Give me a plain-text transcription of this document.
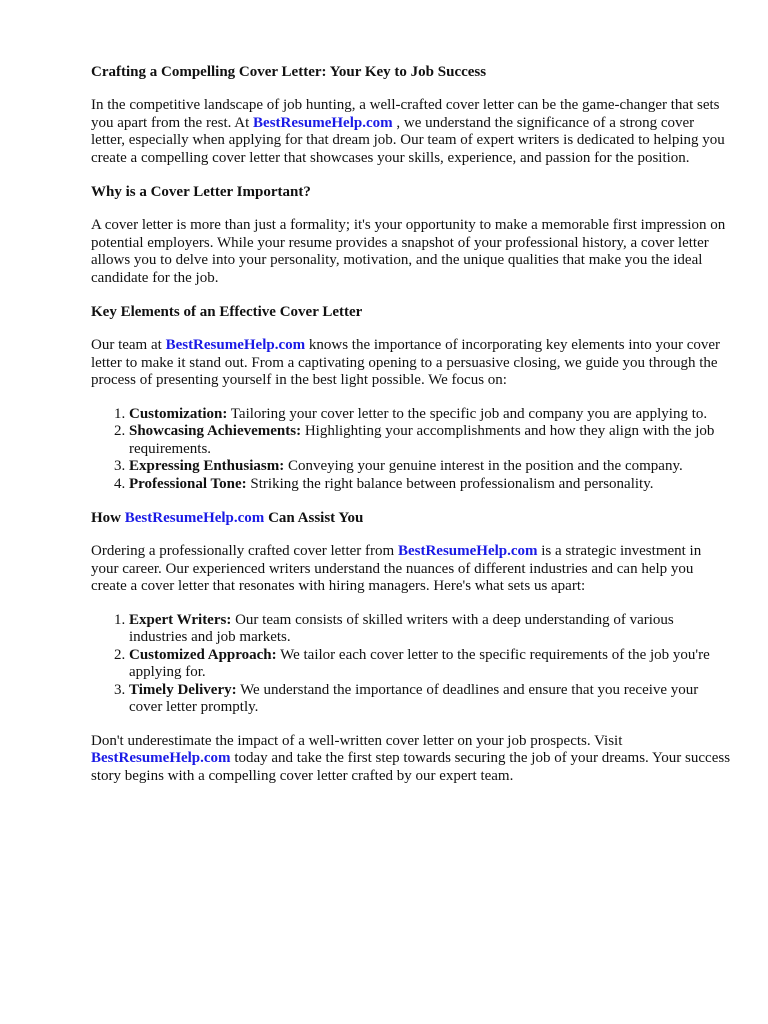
Crafting a Compelling Cover Letter: Your Key to Job Success

In the competitive landscape of job hunting, a well-crafted cover letter can be the game-changer that sets you apart from the rest. At BestResumeHelp.com , we understand the significance of a strong cover letter, especially when applying for that dream job. Our team of expert writers is dedicated to helping you create a compelling cover letter that showcases your skills, experience, and passion for the position.

Why is a Cover Letter Important?

A cover letter is more than just a formality; it's your opportunity to make a memorable first impression on potential employers. While your resume provides a snapshot of your professional history, a cover letter allows you to delve into your personality, motivation, and the unique qualities that make you the ideal candidate for the job.

Key Elements of an Effective Cover Letter

Our team at BestResumeHelp.com knows the importance of incorporating key elements into your cover letter to make it stand out. From a captivating opening to a persuasive closing, we guide you through the process of presenting yourself in the best light possible. We focus on:

1. Customization: Tailoring your cover letter to the specific job and company you are applying to.
2. Showcasing Achievements: Highlighting your accomplishments and how they align with the job requirements.
3. Expressing Enthusiasm: Conveying your genuine interest in the position and the company.
4. Professional Tone: Striking the right balance between professionalism and personality.
How BestResumeHelp.com Can Assist You

Ordering a professionally crafted cover letter from BestResumeHelp.com is a strategic investment in your career. Our experienced writers understand the nuances of different industries and can help you create a cover letter that resonates with hiring managers. Here's what sets us apart:

1. Expert Writers: Our team consists of skilled writers with a deep understanding of various industries and job markets.
2. Customized Approach: We tailor each cover letter to the specific requirements of the job you're applying for.
3. Timely Delivery: We understand the importance of deadlines and ensure that you receive your cover letter promptly.

Don't underestimate the impact of a well-written cover letter on your job prospects. Visit BestResumeHelp.com today and take the first step towards securing the job of your dreams. Your success story begins with a compelling cover letter crafted by our expert team.
